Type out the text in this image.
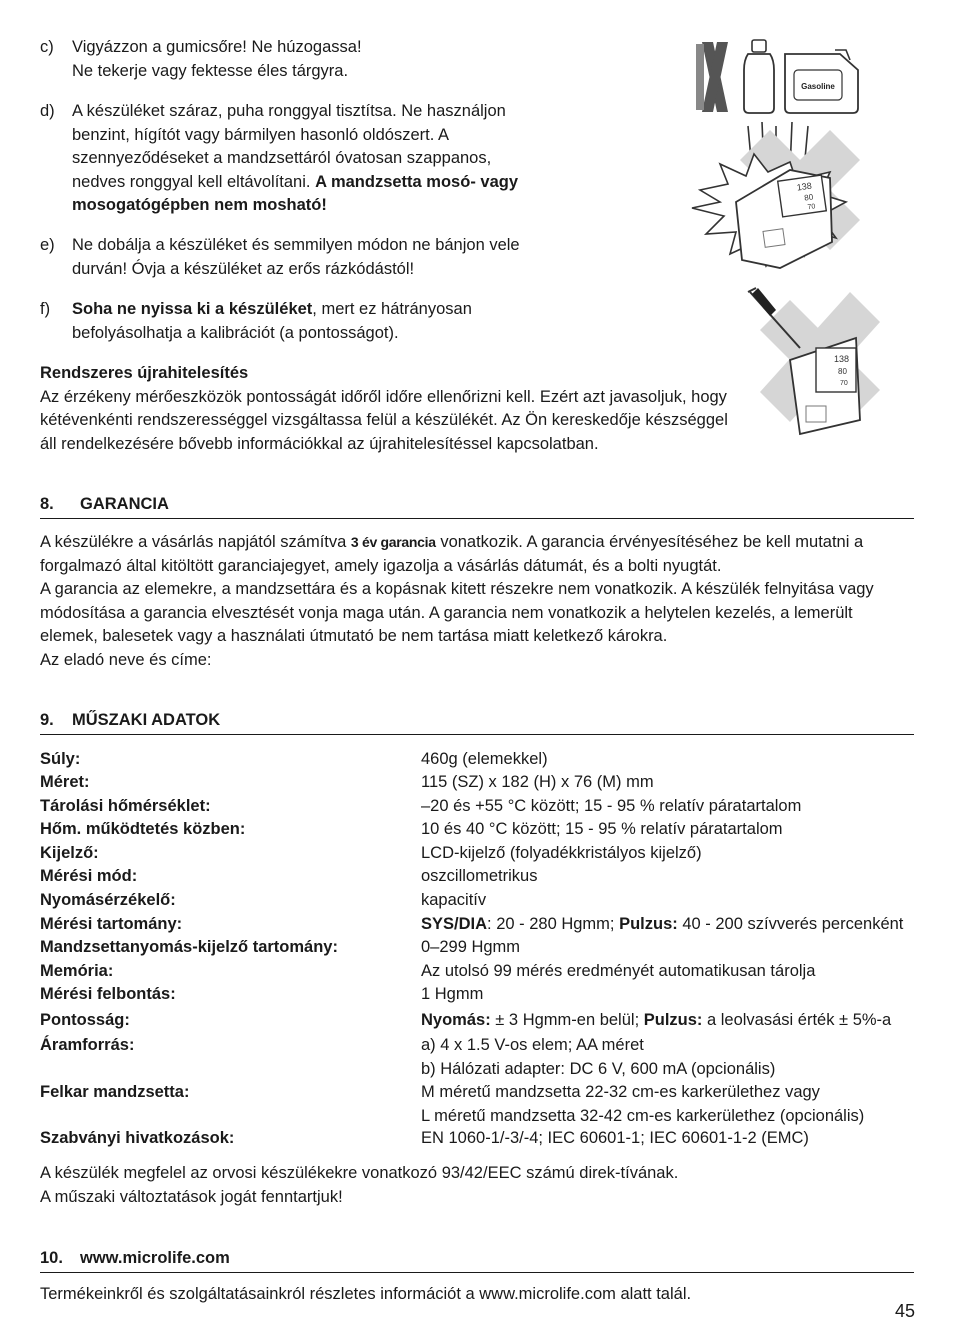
c) Vigyázzon a gumicsőre! Ne húzogassa!
Ne tekerje vagy fektesse éles tárgyra.
d) A készüléket száraz, puha ronggyal tisztítsa. Ne használjon benzint, hígítót vagy bármilyen hasonló oldószert. A szennyeződéseket a mandzsettáról óvatosan szappanos, nedves ronggyal kell eltávolítani. A mandzsetta mosó- vagy mosogatógépben nem mosható!
e) Ne dobálja a készüléket és semmilyen módon ne bánjon vele durván! Óvja a készüléket az erős rázkódástól!
f) Soha ne nyissa ki a készüléket, mert ez hátrányosan befolyásolhatja a kalibrációt (a pontosságot).

Rendszeres újrahitelesítés

Az érzékeny mérőeszközök pontosságát időről időre ellenőrizni kell. Ezért azt javasoljuk, hogy kétévenkénti rendszerességgel vizsgáltassa felül a készülékét. Az Ön kereskedője készséggel áll rendelkezésére bővebb információkkal az újrahitelesítéssel kapcsolatban.

Gasoline
138
80
70
138
80
70
8. GARANCIA

A készülékre a vásárlás napjától számítva 3 év garancia vonatkozik. A garancia érvényesítéséhez be kell mutatni a forgalmazó által kitöltött garanciajegyet, amely igazolja a vásárlás dátumát, és a bolti nyugtát.

A garancia az elemekre, a mandzsettára és a kopásnak kitett részekre nem vonatkozik. A készülék felnyitása vagy módosítása a garancia elvesztését vonja maga után. A garancia nem vonatkozik a helytelen kezelés, a lemerült elemek, balesetek vagy a használati útmutató be nem tartása miatt keletkező károkra.

Az eladó neve és címe:

9. MŰSZAKI ADATOK
Súly:	460g (elemekkel)
Méret:	115 (SZ) x 182 (H) x 76 (M) mm
Tárolási hőmérséklet:	–20 és +55 °C között; 15 - 95 % relatív páratartalom
Hőm. működtetés közben:	10 és 40 °C között; 15 - 95 % relatív páratartalom
Kijelző:	LCD-kijelző (folyadékkristályos kijelző)
Mérési mód:	oszcillometrikus
Nyomásérzékelő:	kapacitív
Mérési tartomány:	SYS/DIA: 20 - 280 Hgmm; Pulzus: 40 - 200 szívverés percenként
Mandzsettanyomás-kijelző tartomány:	0–299 Hgmm
Memória:	Az utolsó 99 mérés eredményét automatikusan tárolja
Mérési felbontás:	1 Hgmm
Pontosság:	Nyomás: ± 3 Hgmm-en belül; Pulzus: a leolvasási érték ± 5%-a
Áramforrás:	a) 4 x 1.5 V-os elem; AA méret
b) Hálózati adapter: DC 6 V, 600 mA (opcionális)
Felkar mandzsetta:	M méretű mandzsetta 22-32 cm-es karkerülethez vagy
L méretű mandzsetta 32-42 cm-es karkerülethez (opcionális)
Szabványi hivatkozások:	EN 1060-1/-3/-4; IEC 60601-1; IEC 60601-1-2 (EMC)

A készülék megfelel az orvosi készülékekre vonatkozó 93/42/EEC számú direk-tívának.

A műszaki változtatások jogát fenntartjuk!

10. www.microlife.com
Termékeinkről és szolgáltatásainkról részletes információt a www.microlife.com alatt talál.
45
